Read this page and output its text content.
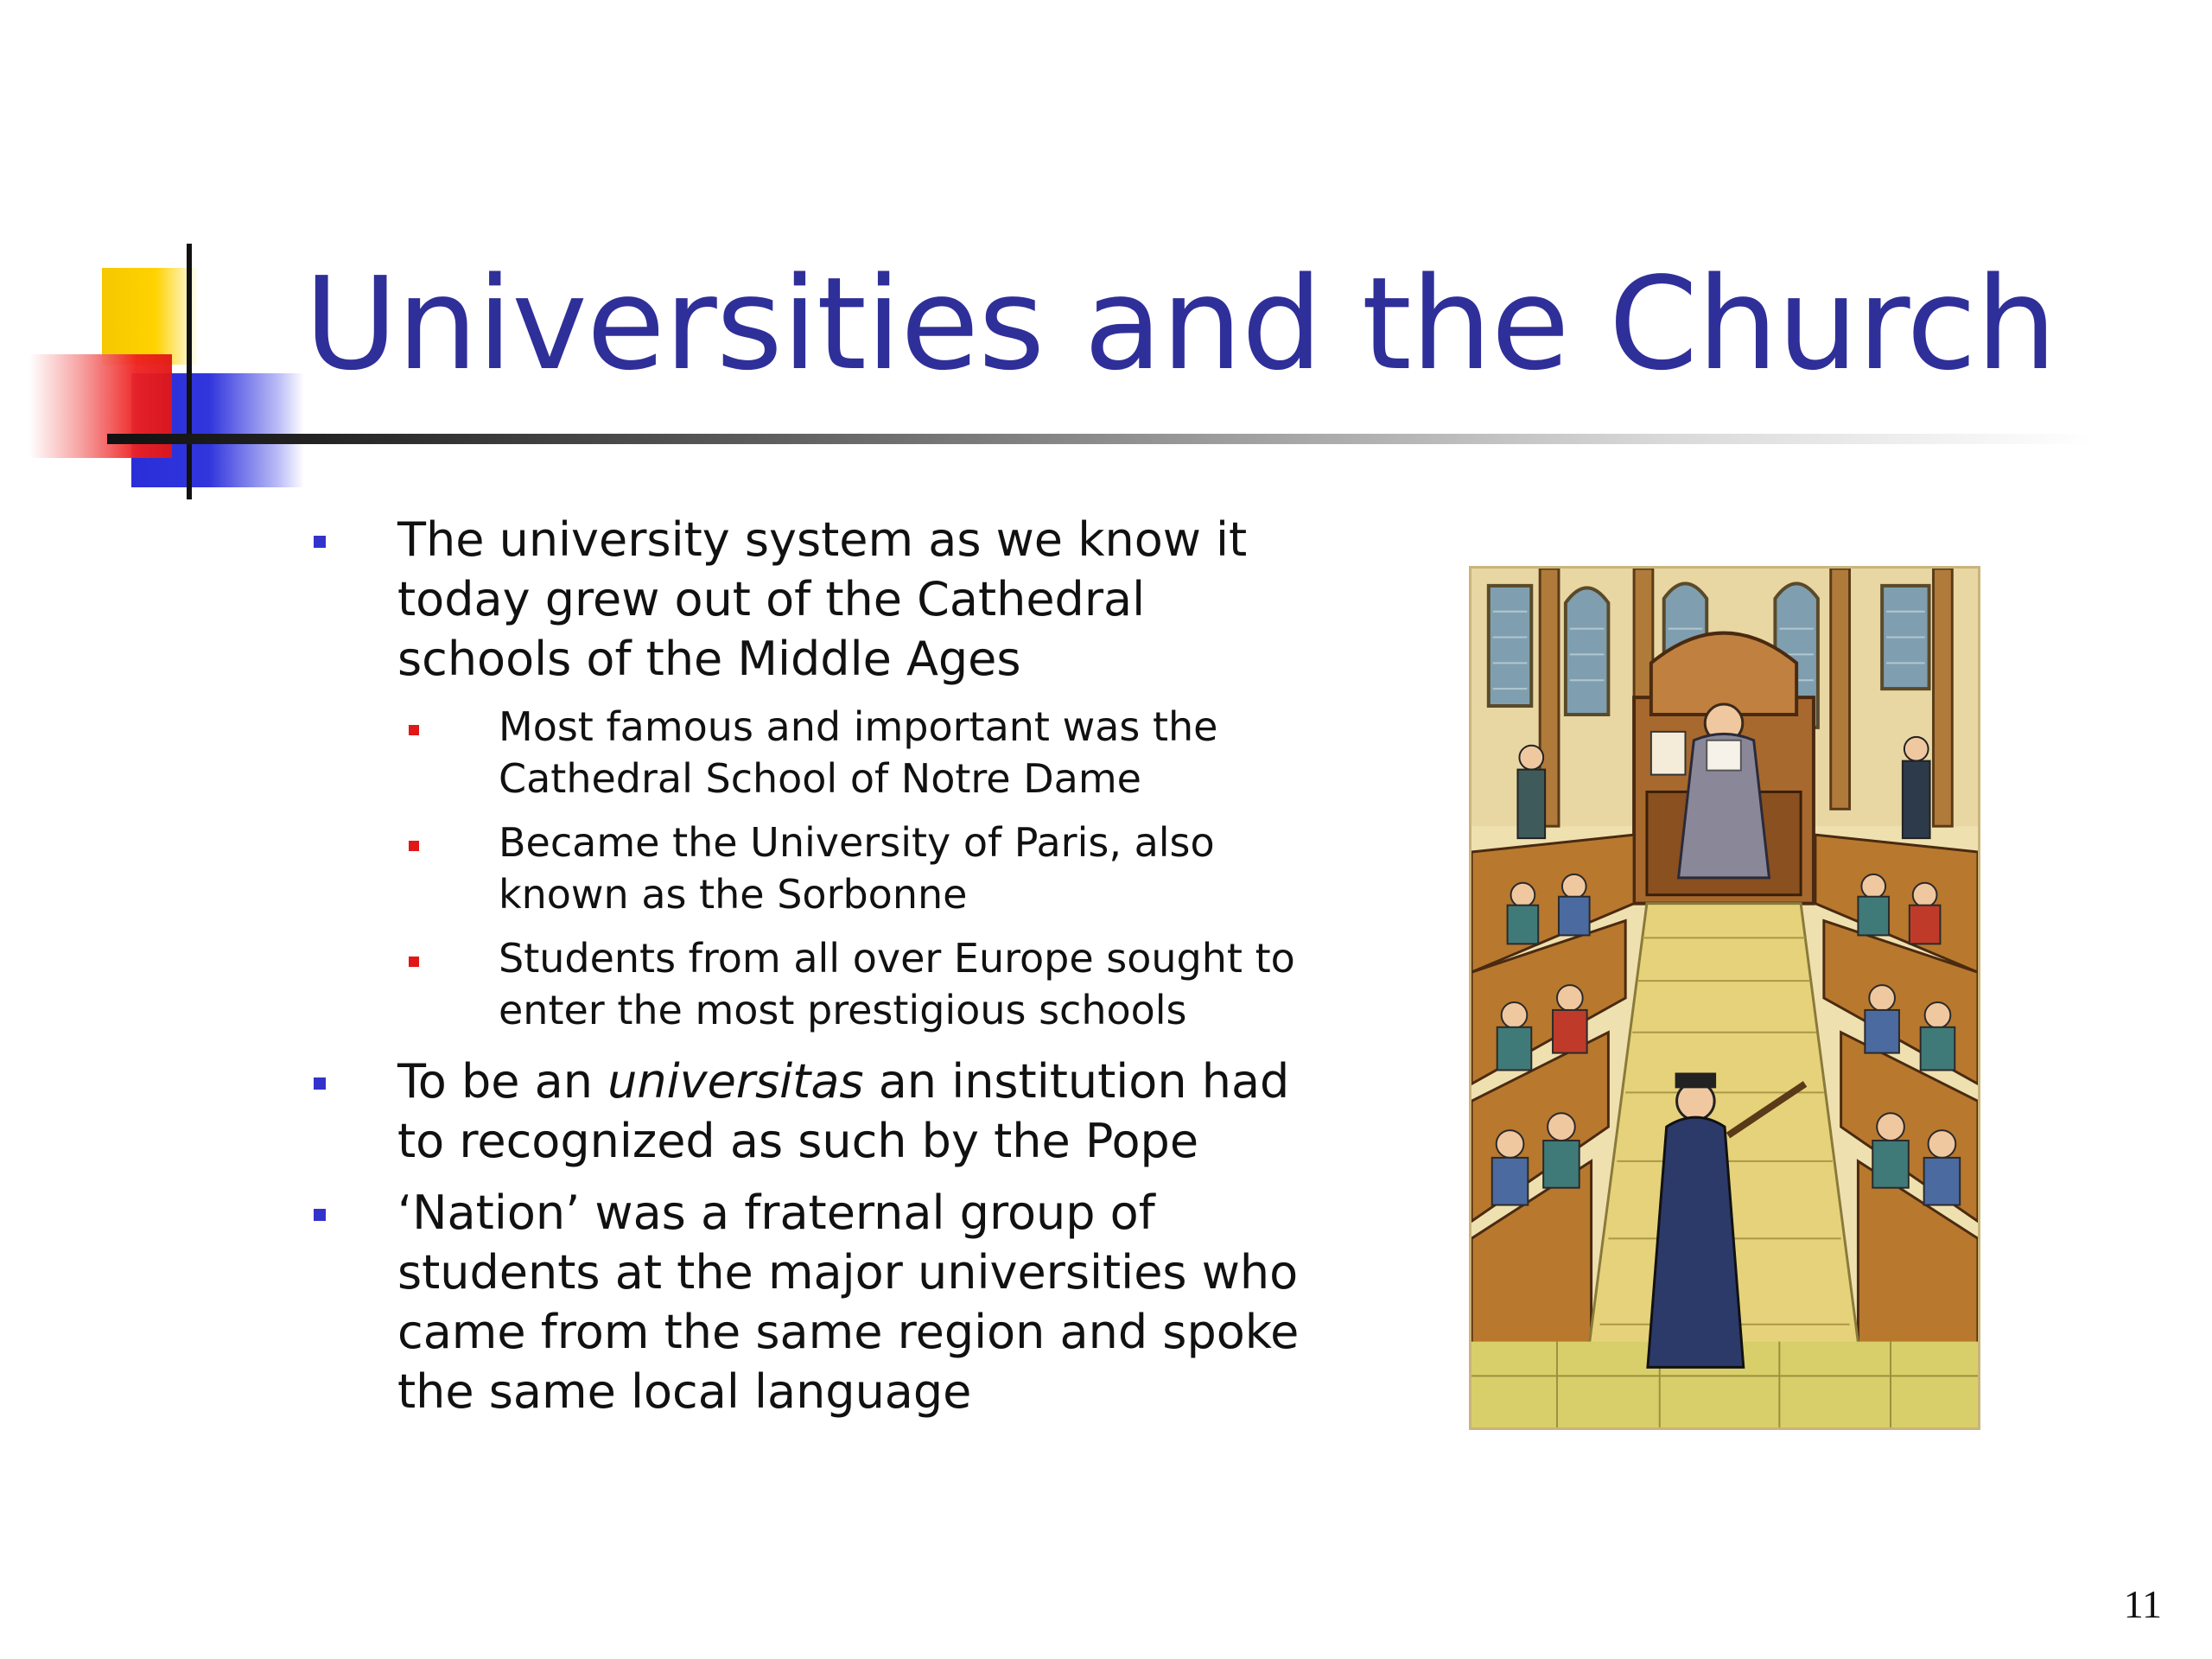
Universities and the Church
The university system as we know it today grew out of the Cathedral schools of the Middle Ages
Most famous and important was the Cathedral School of Notre Dame
Became the University of Paris, also known as the Sorbonne
Students from all over Europe sought to enter the most prestigious schools
To be an universitas an institution had to recognized as such by the Pope
‘Nation’ was a fraternal group of students at the major universities who came from the same region and spoke the same local language
11
